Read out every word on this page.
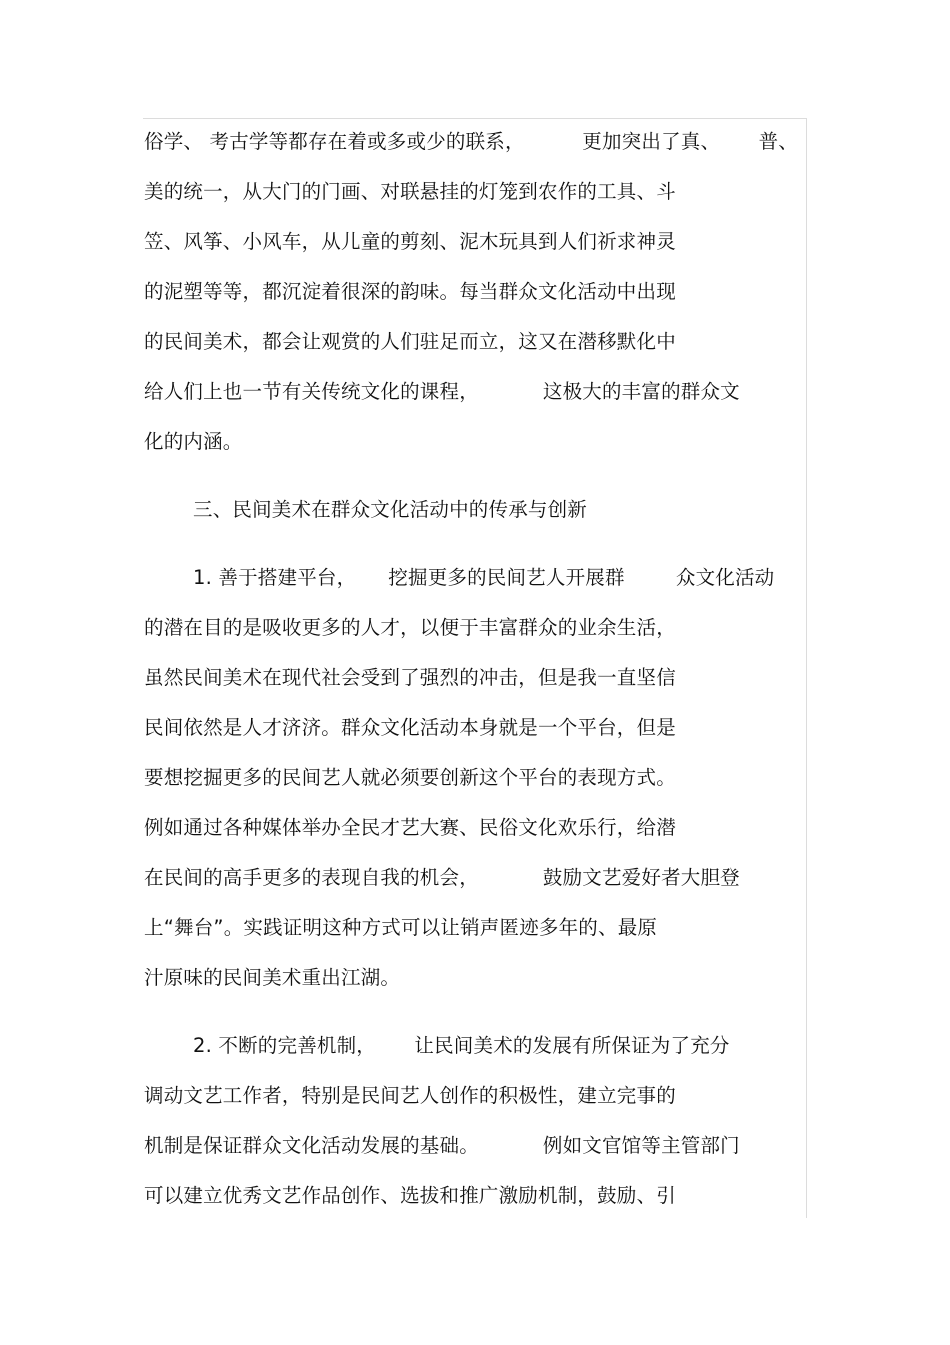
俗学、 考古学等都存在着或多或少的联系，         更加突出了真、      普、
美的统一，从大门的门画、对联悬挂的灯笼到农作的工具、斗
笠、风筝、小风车，从儿童的剪刻、泥木玩具到人们祈求神灵
的泥塑等等，都沉淀着很深的韵味。每当群众文化活动中出现
的民间美术，都会让观赏的人们驻足而立，这又在潜移默化中
给人们上也一节有关传统文化的课程，          这极大的丰富的群众文
化的内涵。
三、民间美术在群众文化活动中的传承与创新
1. 善于搭建平台，     挖掘更多的民间艺人开展群        众文化活动
的潜在目的是吸收更多的人才，以便于丰富群众的业余生活，
虽然民间美术在现代社会受到了强烈的冲击，但是我一直坚信
民间依然是人才济济。群众文化活动本身就是一个平台，但是
要想挖掘更多的民间艺人就必须要创新这个平台的表现方式。
例如通过各种媒体举办全民才艺大赛、民俗文化欢乐行，给潜
在民间的高手更多的表现自我的机会，          鼓励文艺爱好者大胆登
上“舞台”。实践证明这种方式可以让销声匿迹多年的、最原
汁原味的民间美术重出江湖。
2. 不断的完善机制，      让民间美术的发展有所保证为了充分
调动文艺工作者，特别是民间艺人创作的积极性，建立完事的
机制是保证群众文化活动发展的基础。          例如文官馆等主管部门
可以建立优秀文艺作品创作、选拔和推广激励机制，鼓励、引
